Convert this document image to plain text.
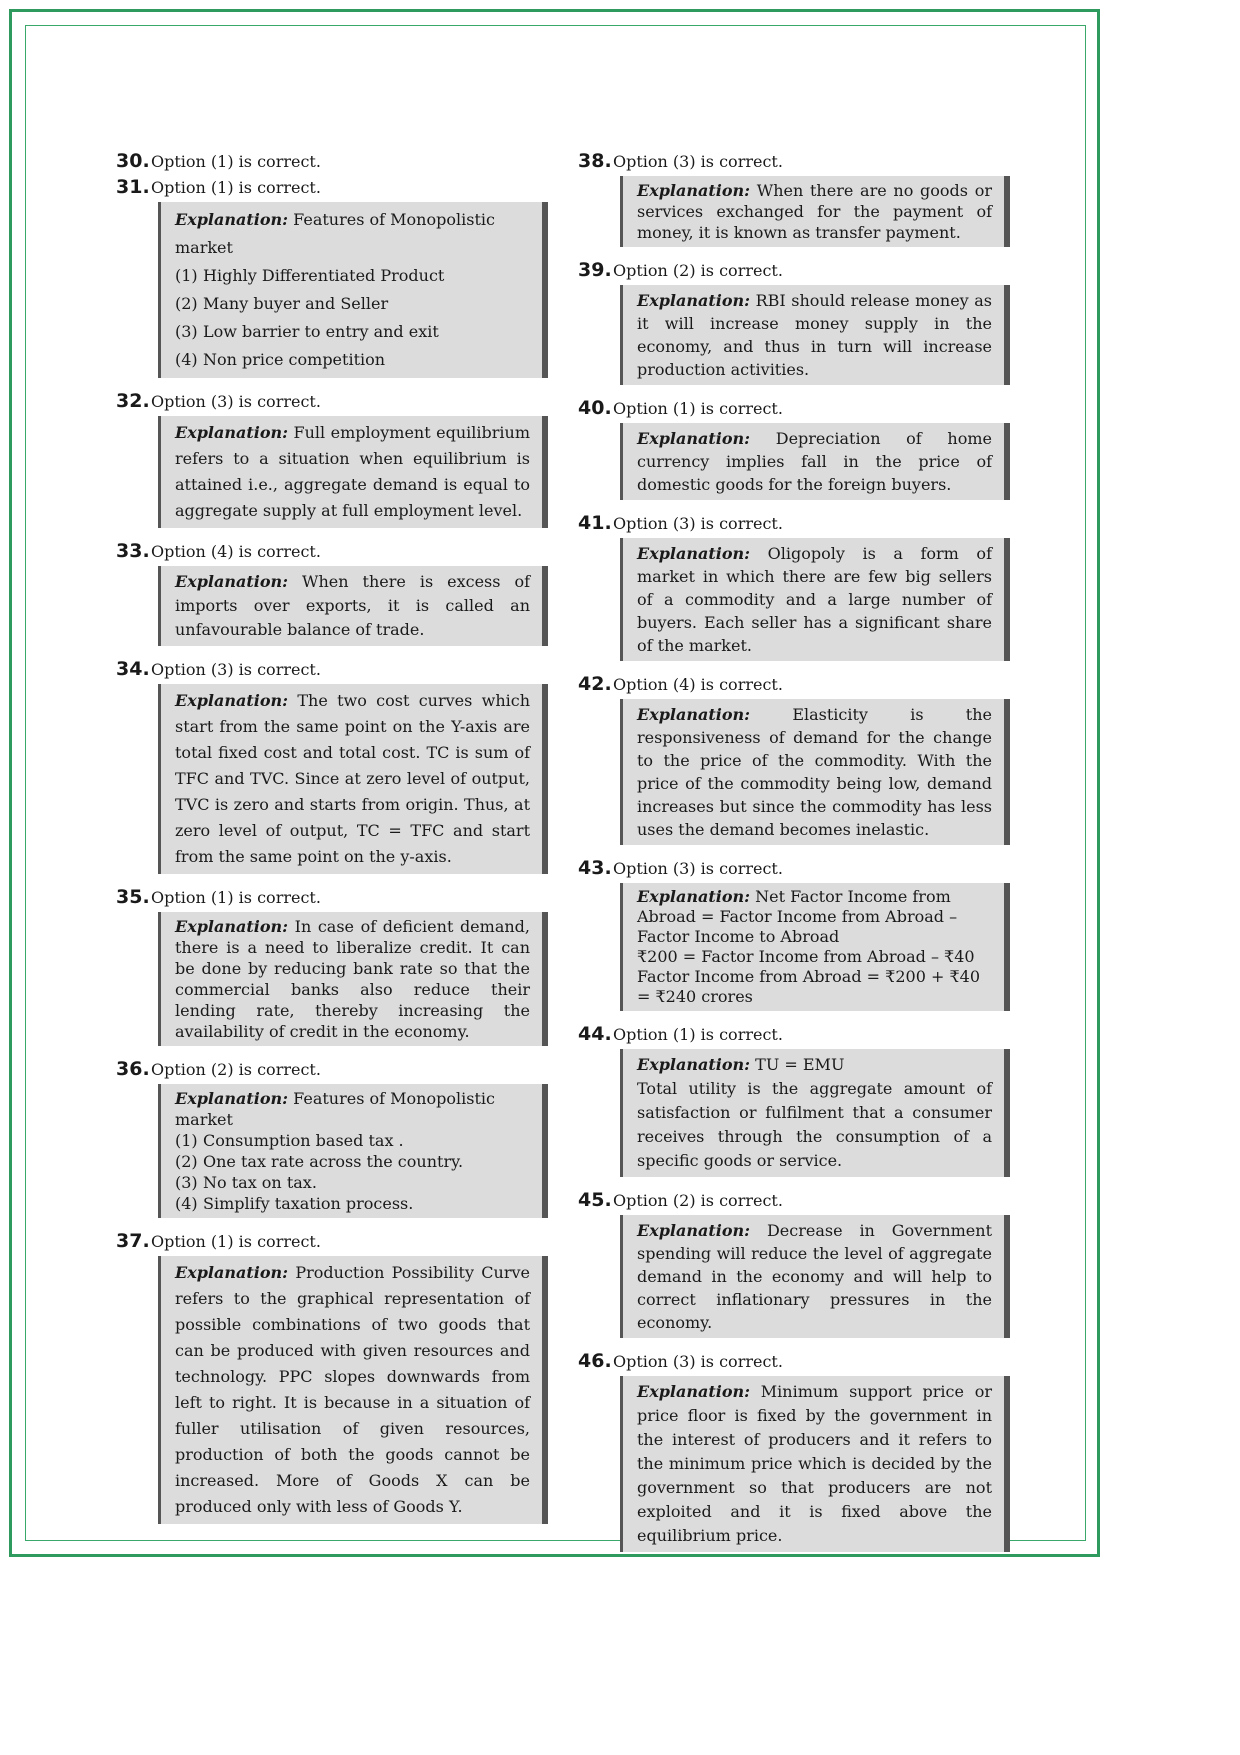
30. Option (1) is correct.
31. Option (1) is correct.
Explanation: Features of Monopolistic market
(1) Highly Differentiated Product
(2) Many buyer and Seller
(3) Low barrier to entry and exit
(4) Non price competition
32. Option (3) is correct.
Explanation: Full employment equilibrium refers to a situation when equilibrium is attained i.e., aggregate demand is equal to aggregate supply at full employment level.
33. Option (4) is correct.
Explanation: When there is excess of imports over exports, it is called an unfavourable balance of trade.
34. Option (3) is correct.
Explanation: The two cost curves which start from the same point on the Y-axis are total fixed cost and total cost. TC is sum of TFC and TVC. Since at zero level of output, TVC is zero and starts from origin. Thus, at zero level of output, TC = TFC and start from the same point on the y-axis.
35. Option (1) is correct.
Explanation: In case of deficient demand, there is a need to liberalize credit. It can be done by reducing bank rate so that the commercial banks also reduce their lending rate, thereby increasing the availability of credit in the economy.
36. Option (2) is correct.
Explanation: Features of Monopolistic market
(1) Consumption based tax .
(2) One tax rate across the country.
(3) No tax on tax.
(4) Simplify taxation process.
37. Option (1) is correct.
Explanation: Production Possibility Curve refers to the graphical representation of possible combinations of two goods that can be produced with given resources and technology. PPC slopes downwards from left to right. It is because in a situation of fuller utilisation of given resources, production of both the goods cannot be increased. More of Goods X can be produced only with less of Goods Y.
38. Option (3) is correct.
Explanation: When there are no goods or services exchanged for the payment of money, it is known as transfer payment.
39. Option (2) is correct.
Explanation: RBI should release money as it will increase money supply in the economy, and thus in turn will increase production activities.
40. Option (1) is correct.
Explanation: Depreciation of home currency implies fall in the price of domestic goods for the foreign buyers.
41. Option (3) is correct.
Explanation: Oligopoly is a form of market in which there are few big sellers of a commodity and a large number of buyers. Each seller has a significant share of the market.
42. Option (4) is correct.
Explanation:	Elasticity is the responsiveness of demand for the change to the price of the commodity. With the price of the commodity being low, demand increases but since the commodity has less uses the demand becomes inelastic.
43. Option (3) is correct.
Explanation: Net Factor Income from Abroad = Factor Income from Abroad – Factor Income to Abroad
₹200 = Factor Income from Abroad – ₹40
Factor Income from Abroad = ₹200 + ₹40
= ₹240 crores
44. Option (1) is correct.
Explanation: TU = EMU
Total utility is the aggregate amount of satisfaction or fulfilment that a consumer receives through the consumption of a specific goods or service.
45. Option (2) is correct.
Explanation: Decrease in Government spending will reduce the level of aggregate demand in the economy and will help to correct inflationary pressures in the economy.
46. Option (3) is correct.
Explanation: Minimum support price or price floor is fixed by the government in the interest of producers and it refers to the minimum price which is decided by the government so that producers are not exploited and it is fixed above the equilibrium price.
